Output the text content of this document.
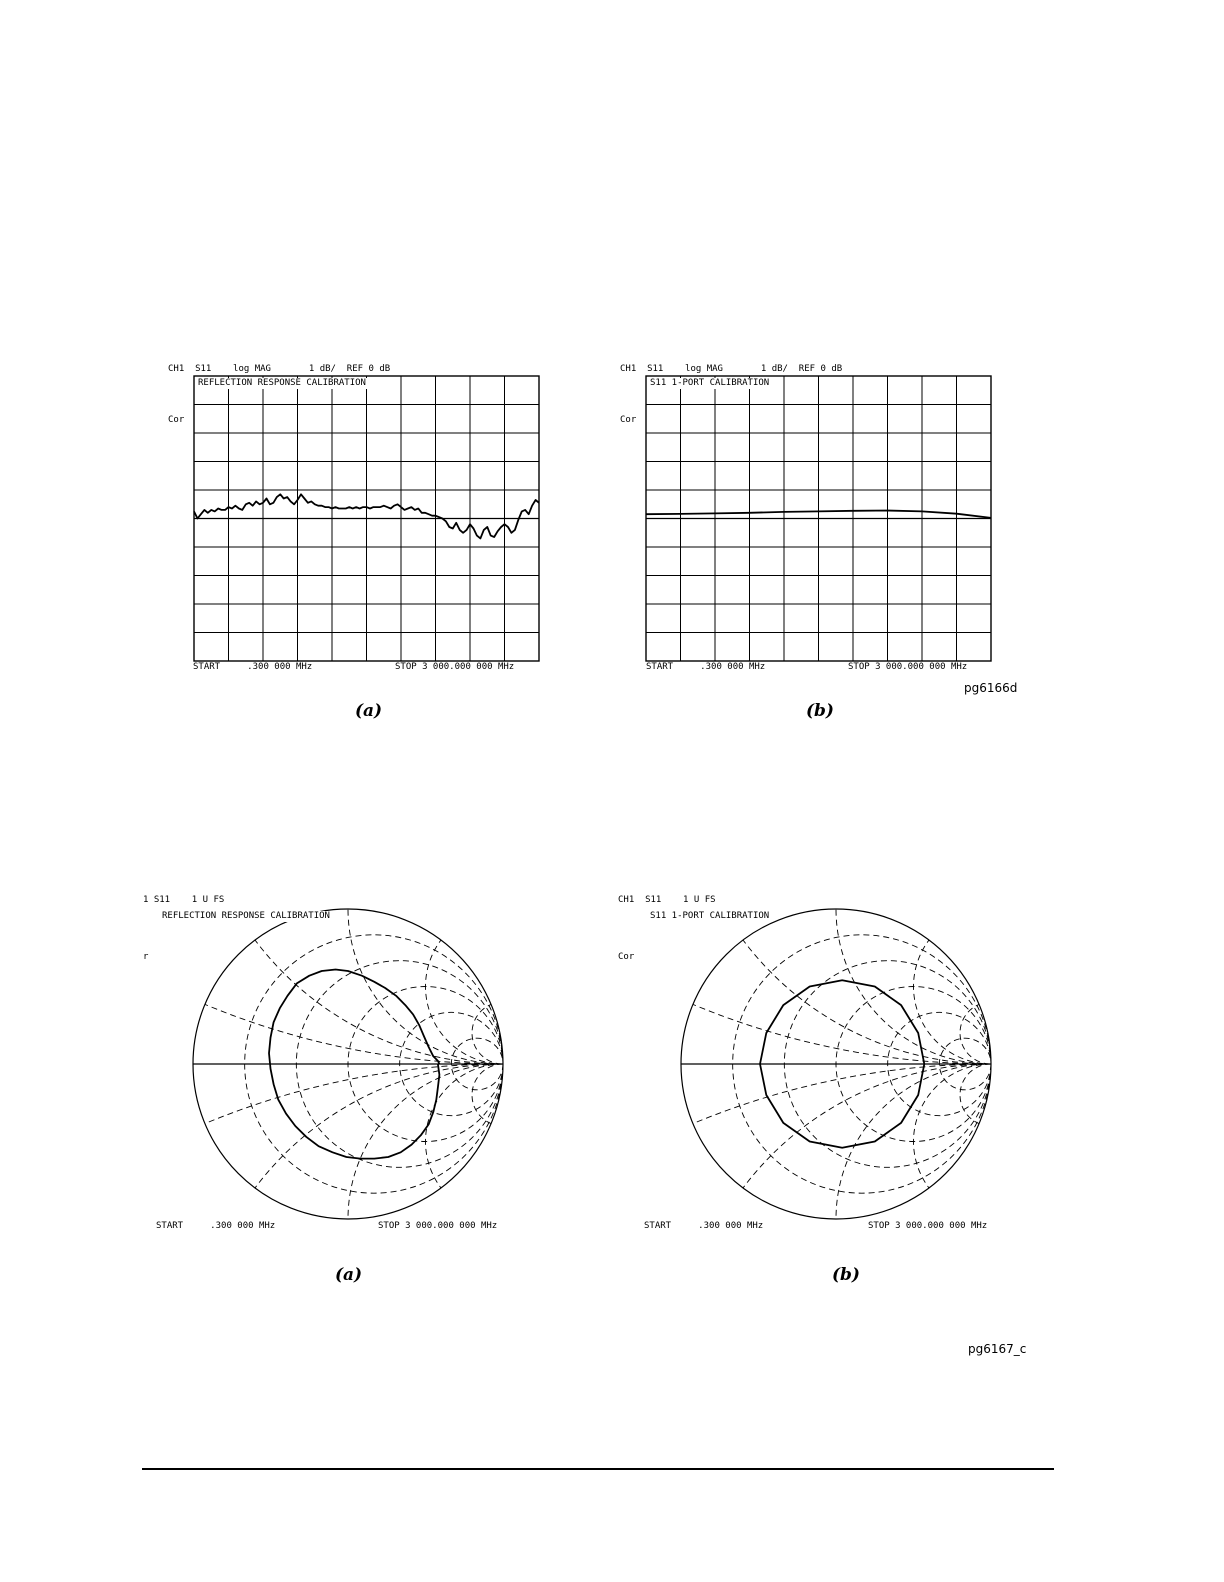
CH1  S11    log MAG       1 dB/  REF 0 dB
Cor
REFLECTION RESPONSE CALIBRATION
START     .300 000 MHz	STOP 3 000.000 000 MHz
(a)
CH1  S11    log MAG       1 dB/  REF 0 dB
Cor
S11 1-PORT CALIBRATION
START     .300 000 MHz	STOP 3 000.000 000 MHz
(b)
pg6166d
1 S11    1 U FS
r
REFLECTION RESPONSE CALIBRATION
START     .300 000 MHz	STOP 3 000.000 000 MHz
(a)
CH1  S11    1 U FS
Cor
S11 1-PORT CALIBRATION
START     .300 000 MHz	STOP 3 000.000 000 MHz
(b)
pg6167_c
